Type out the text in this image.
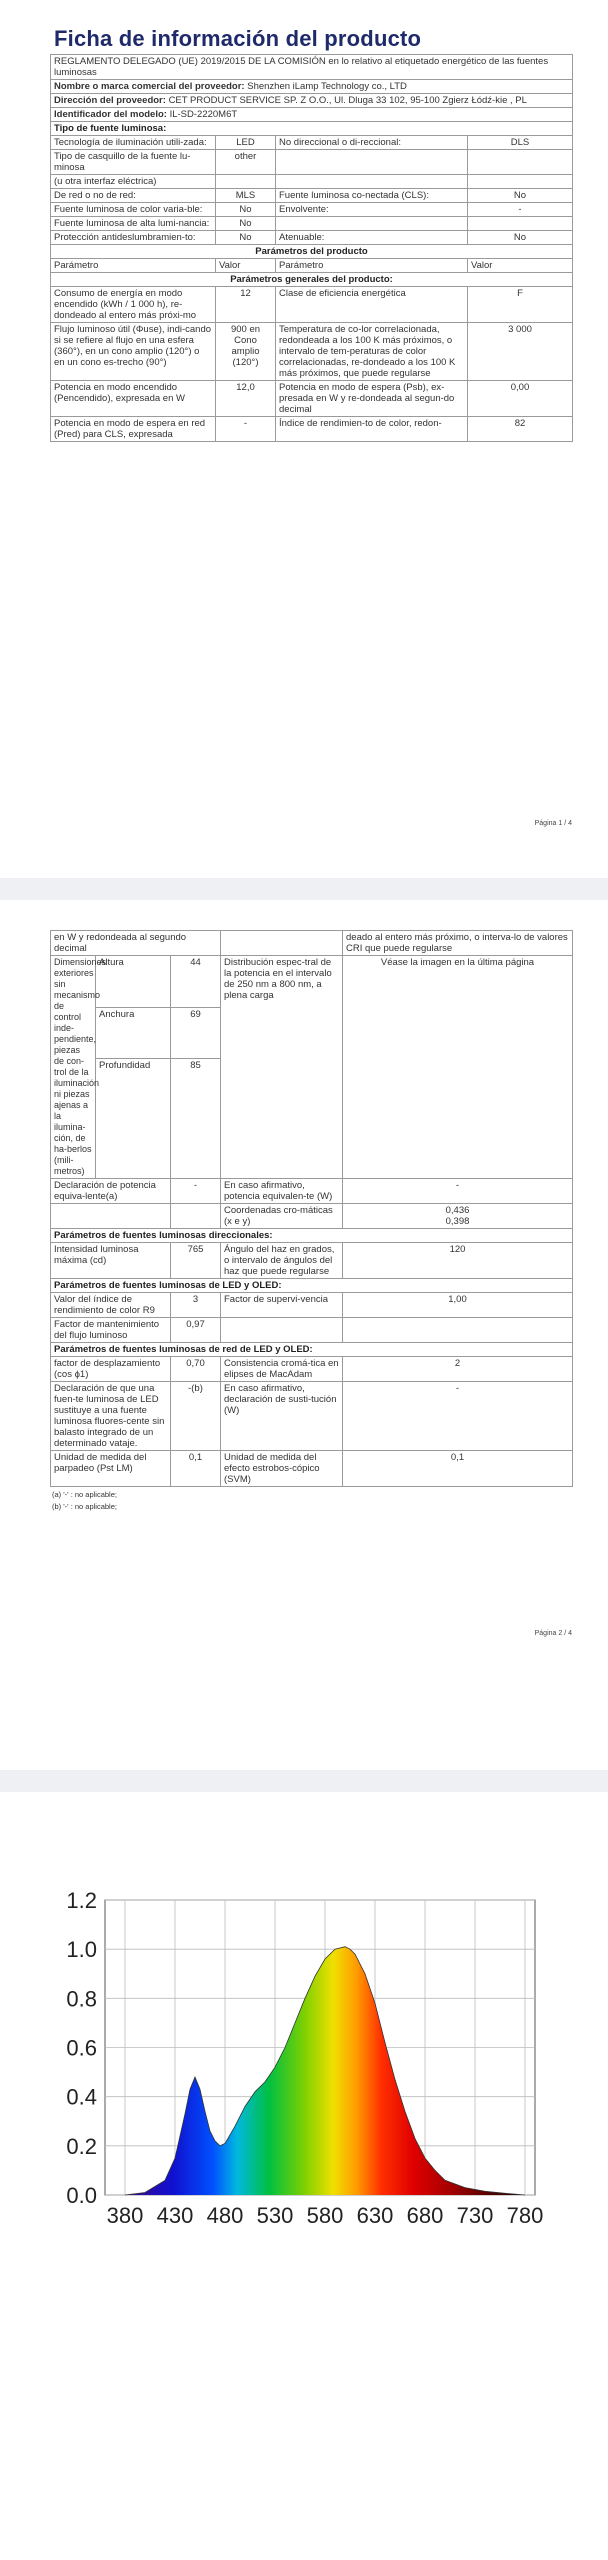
Ficha de información del producto
REGLAMENTO DELEGADO (UE) 2019/2015 DE LA COMISIÓN en lo relativo al etiquetado energético de las fuentes luminosas			
Nombre o marca comercial del proveedor: Shenzhen iLamp Technology co., LTD			
Dirección del proveedor: CET PRODUCT SERVICE SP. Z O.O., Ul. Dluga 33 102, 95-100 Zgierz Łódź-kie , PL			
Identificador del modelo: IL-SD-2220M6T			
Tipo de fuente luminosa:			
Tecnología de iluminación utili-zada:	LED	No direccional o di-reccional:	DLS
Tipo de casquillo de la fuente lu-minosa	other		
(u otra interfaz eléctrica)			
De red o no de red:	MLS	Fuente luminosa co-nectada (CLS):	No
Fuente luminosa de color varia-ble:	No	Envolvente:	-
Fuente luminosa de alta lumi-nancia:	No		
Protección antideslumbramien-to:	No	Atenuable:	No
Parámetros del producto			
Parámetro	Valor	Parámetro	Valor
Parámetros generales del producto:			
Consumo de energía en modo encendido (kWh / 1 000 h), re-dondeado al entero más próxi-mo	12	Clase de eficiencia energética	F
Flujo luminoso útil (Φuse), indi-cando si se refiere al flujo en una esfera (360°), en un cono amplio (120°) o en un cono es-trecho (90°)	900 en Cono amplio (120°)	Temperatura de co-lor correlacionada, redondeada a los 100 K más próximos, o intervalo de tem-peraturas de color correlacionadas, re-dondeado a los 100 K más próximos, que puede regularse	3 000
Potencia en modo encendido (Pencendido), expresada en W	12,0	Potencia en modo de espera (Psb), ex-presada en W y re-dondeada al segun-do decimal	0,00
Potencia en modo de espera en red (Pred) para CLS, expresada	-	Índice de rendimien-to de color, redon-	82
Página 1 / 4
en W y redondeada al segundo decimal				deado al entero más próximo, o interva-lo de valores CRI que puede regularse
Dimensiones exteriores sin mecanismo de control inde-pendiente, piezas de con-trol de la iluminación ni piezas ajenas a la ilumina-ción, de ha-berlos (mili-metros)	Altura	44	Distribución espec-tral de la potencia en el intervalo de 250 nm a 800 nm, a plena carga	Véase la imagen en la última página
	Anchura	69		
	Profundidad	85		
Declaración de potencia equiva-lente(a)		-	En caso afirmativo, potencia equivalen-te (W)	-
			Coordenadas cro-máticas (x e y)	0,436
0,398
Parámetros de fuentes luminosas direccionales:				
Intensidad luminosa máxima (cd)		765	Ángulo del haz en grados, o intervalo de ángulos del haz que puede regularse	120
Parámetros de fuentes luminosas de LED y OLED:				
Valor del índice de rendimiento de color R9		3	Factor de supervi-vencia	1,00
Factor de mantenimiento del flujo luminoso		0,97		
Parámetros de fuentes luminosas de red de LED y OLED:				
factor de desplazamiento (cos ϕ1)		0,70	Consistencia cromá-tica en elipses de MacAdam	2
Declaración de que una fuen-te luminosa de LED sustituye a una fuente luminosa fluores-cente sin balasto integrado de un determinado vataje.		-(b)	En caso afirmativo, declaración de susti-tución (W)	-
Unidad de medida del parpadeo (Pst LM)		0,1	Unidad de medida del efecto estrobos-cópico (SVM)	0,1
(a) '-' : no aplicable;
(b) '-' : no aplicable;
Página 2 / 4
380 430 480 530 580 630 680 730 780
0.0
0.2
0.4
0.6
0.8
1.0
1.2
